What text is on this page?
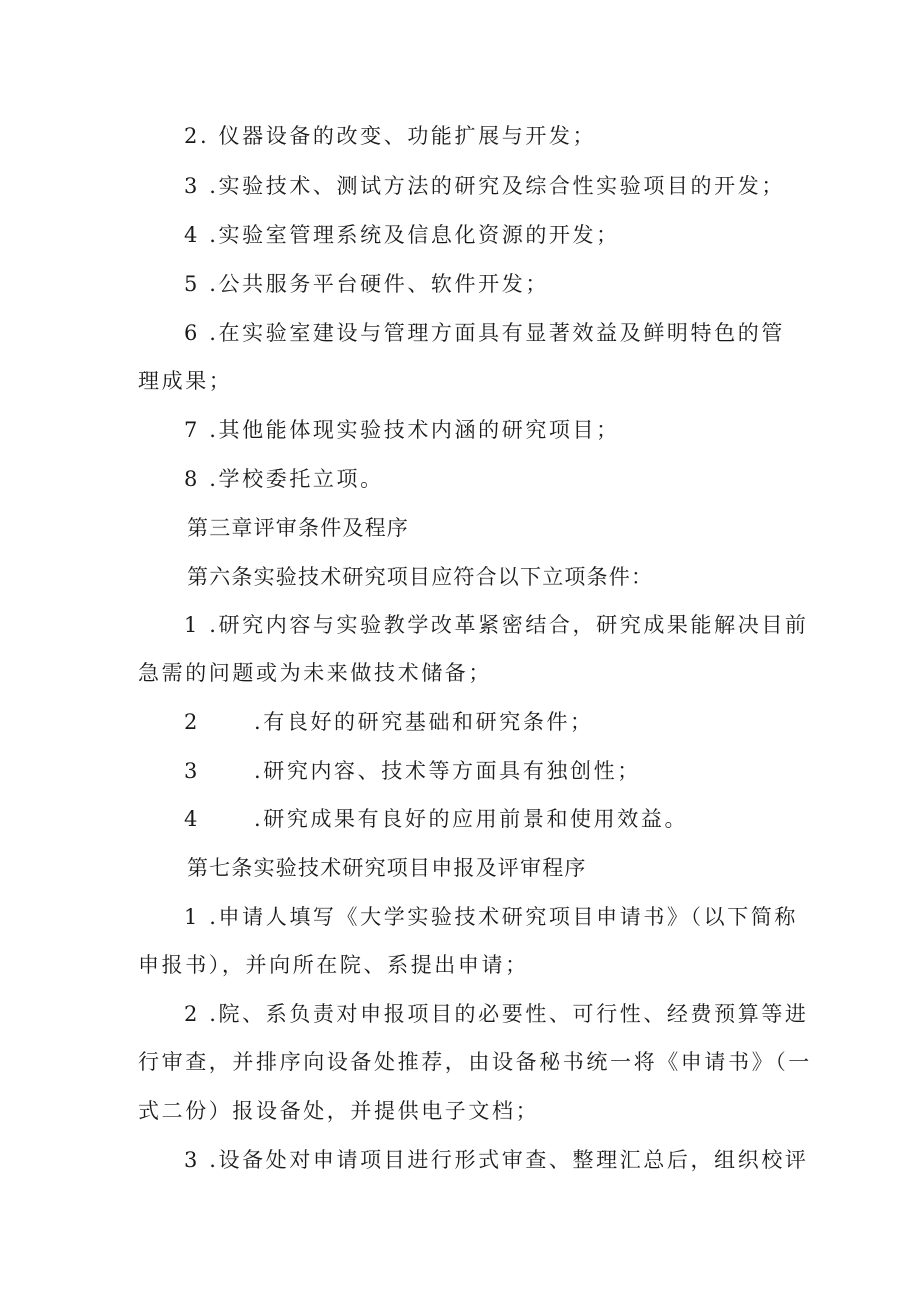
2. 仪器设备的改变、功能扩展与开发；
3 .实验技术、测试方法的研究及综合性实验项目的开发；
4 .实验室管理系统及信息化资源的开发；
5 .公共服务平台硬件、软件开发；
6 .在实验室建设与管理方面具有显著效益及鲜明特色的管
理成果；
7 .其他能体现实验技术内涵的研究项目；
8 .学校委托立项。
第三章评审条件及程序
第六条实验技术研究项目应符合以下立项条件：
1 .研究内容与实验教学改革紧密结合，研究成果能解决目前
急需的问题或为未来做技术储备；
2	.有良好的研究基础和研究条件；
3	.研究内容、技术等方面具有独创性；
4	.研究成果有良好的应用前景和使用效益。
第七条实验技术研究项目申报及评审程序
1 .申请人填写《大学实验技术研究项目申请书》（以下简称
申报书），并向所在院、系提出申请；
2 .院、系负责对申报项目的必要性、可行性、经费预算等进
行审查，并排序向设备处推荐，由设备秘书统一将《申请书》（一
式二份）报设备处，并提供电子文档；
3 .设备处对申请项目进行形式审查、整理汇总后，组织校评
